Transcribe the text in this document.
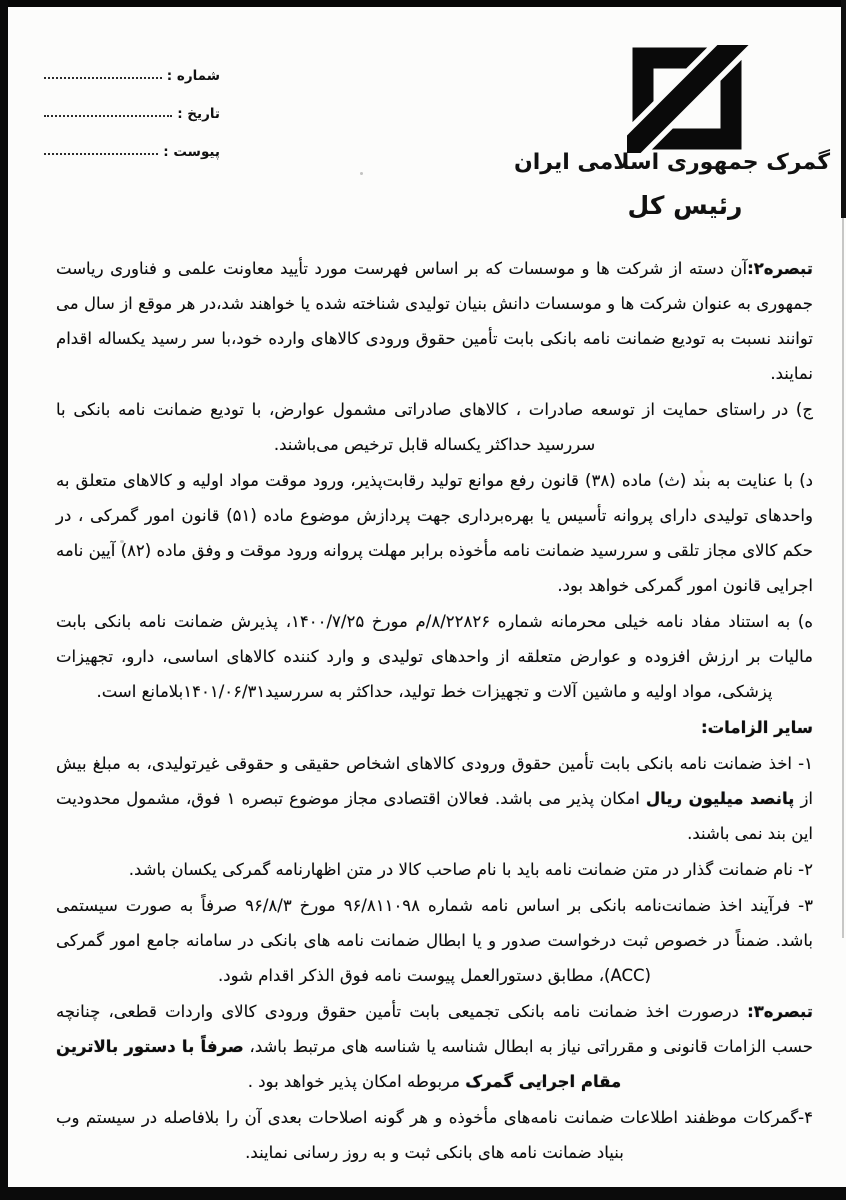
شماره :
تاریخ :
پیوست :	گمرک جمهوری اسلامی ایران
رئیس کل

تبصره۲:آن دسته از شرکت ها و موسسات که بر اساس فهرست مورد تأیید معاونت علمی و فناوری ریاست جمهوری به عنوان شرکت ها و موسسات دانش بنیان تولیدی شناخته شده یا خواهند شد،در هر موقع از سال می توانند نسبت به تودیع ضمانت نامه بانکی بابت تأمین حقوق ورودی کالاهای وارده خود،با سر رسید یکساله اقدام نمایند.

ج) در راستای حمایت از توسعه صادرات ، کالاهای صادراتی مشمول عوارض، با تودیع ضمانت نامه بانکی با سررسید حداکثر یکساله قابل ترخیص می‌باشند.

د) با عنایت به بند (ث) ماده (۳۸) قانون رفع موانع تولید رقابت‌پذیر، ورود موقت مواد اولیه و کالاهای متعلق به واحدهای تولیدی دارای پروانه تأسیس یا بهره‌برداری جهت پردازش موضوع ماده (۵۱) قانون امور گمرکی ، در حکم کالای مجاز تلقی و سررسید ضمانت نامه مأخوذه برابر مهلت پروانه ورود موقت و وفق ماده (۸۲) آیین نامه اجرایی قانون امور گمرکی خواهد بود.

ه) به استناد مفاد نامه خیلی محرمانه شماره ۸/۲۲۸۲۶/م مورخ ۱۴۰۰/۷/۲۵، پذیرش ضمانت نامه بانکی بابت مالیات بر ارزش افزوده و عوارض متعلقه از واحدهای تولیدی و وارد کننده کالاهای اساسی، دارو، تجهیزات پزشکی، مواد اولیه و ماشین آلات و تجهیزات خط تولید، حداکثر به سررسید۱۴۰۱/۰۶/۳۱بلامانع است.

سایر الزامات:

۱- اخذ ضمانت نامه بانکی بابت تأمین حقوق ورودی کالاهای اشخاص حقیقی و حقوقی غیرتولیدی، به مبلغ بیش از پانصد میلیون ریال امکان پذیر می باشد. فعالان اقتصادی مجاز موضوع تبصره ۱ فوق، مشمول محدودیت این بند نمی باشند.

۲- نام ضمانت گذار در متن ضمانت نامه باید با نام صاحب کالا در متن اظهارنامه گمرکی یکسان باشد.

۳- فرآیند اخذ ضمانت‌نامه بانکی بر اساس نامه شماره ۹۶/۸۱۱۰۹۸ مورخ ۹۶/۸/۳ صرفاً به صورت سیستمی باشد. ضمناً در خصوص ثبت درخواست صدور و یا ابطال ضمانت نامه های بانکی در سامانه جامع امور گمرکی (ACC)، مطابق دستورالعمل پیوست نامه فوق الذکر اقدام شود.

تبصره۳: درصورت اخذ ضمانت نامه بانکی تجمیعی بابت تأمین حقوق ورودی کالای واردات قطعی، چنانچه حسب الزامات قانونی و مقرراتی نیاز به ابطال شناسه یا شناسه های مرتبط باشد، صرفاً با دستور بالاترین مقام اجرایی گمرک مربوطه امکان پذیر خواهد بود .

۴-گمرکات موظفند اطلاعات ضمانت نامه‌های مأخوذه و هر گونه اصلاحات بعدی آن را بلافاصله در سیستم وب بنیاد ضمانت نامه های بانکی ثبت و به روز رسانی نمایند.
